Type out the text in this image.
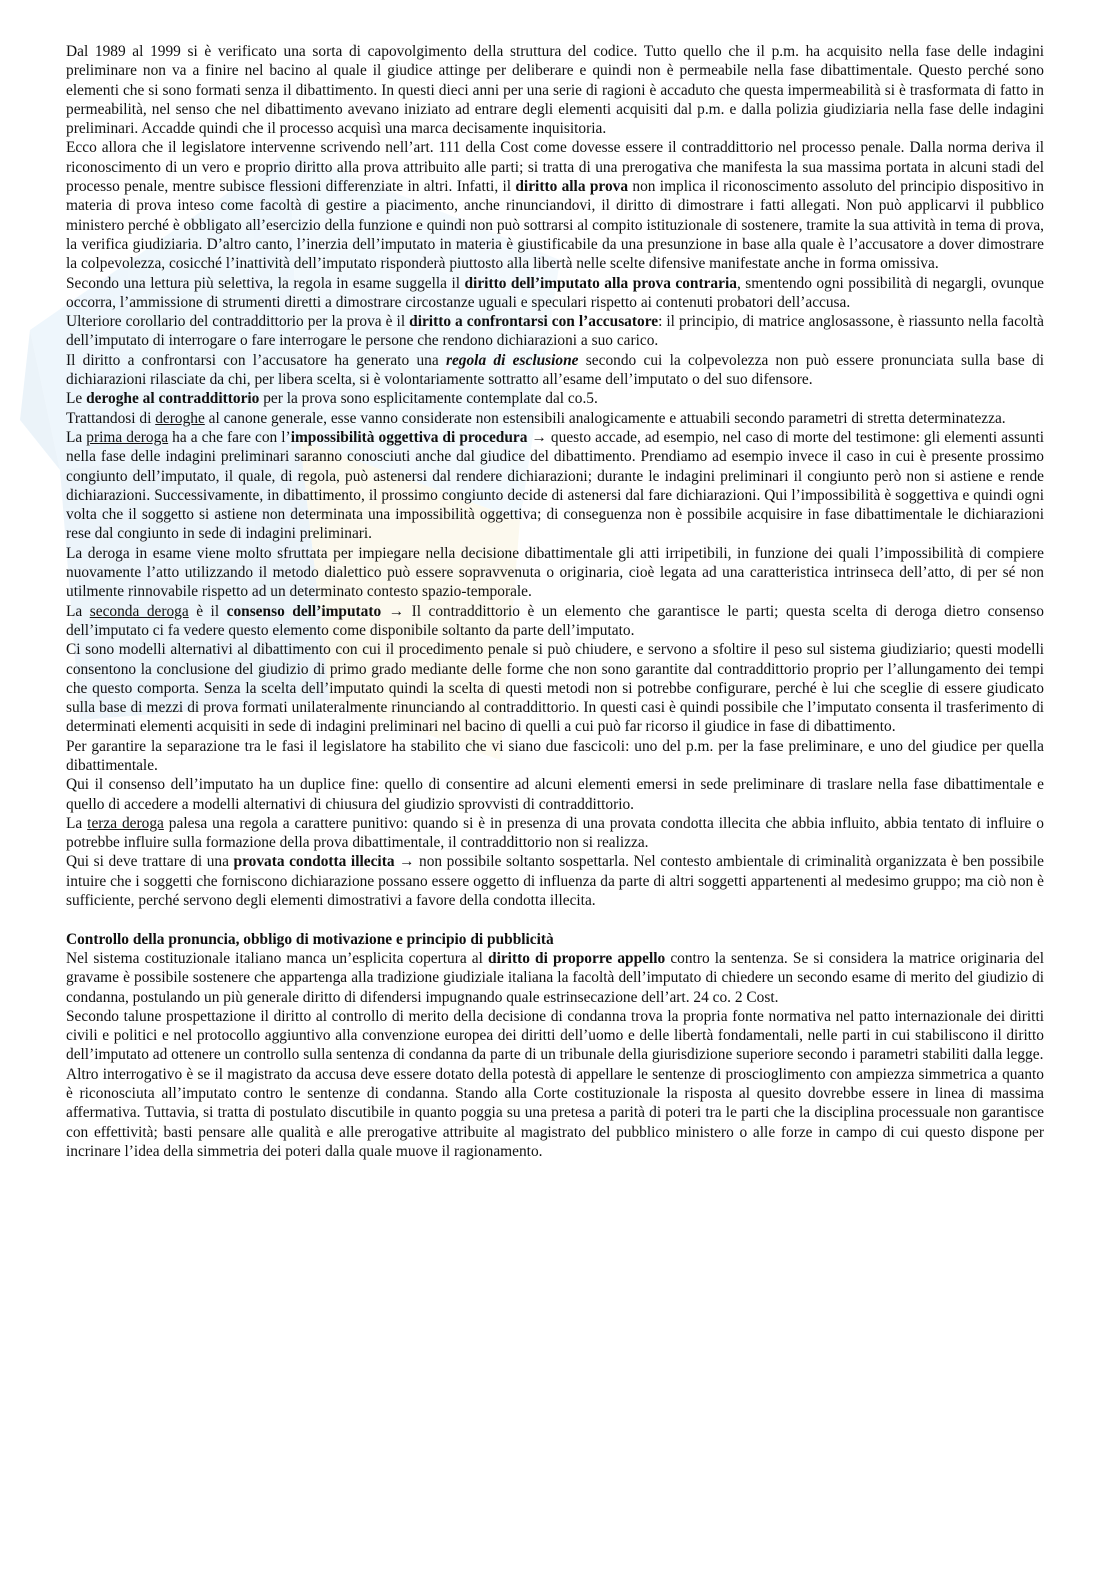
Dal 1989 al 1999 si è verificato una sorta di capovolgimento della struttura del codice. Tutto quello che il p.m. ha acquisito nella fase delle indagini preliminare non va a finire nel bacino al quale il giudice attinge per deliberare e quindi non è permeabile nella fase dibattimentale. Questo perché sono elementi che si sono formati senza il dibattimento. In questi dieci anni per una serie di ragioni è accaduto che questa impermeabilità si è trasformata di fatto in permeabilità, nel senso che nel dibattimento avevano iniziato ad entrare degli elementi acquisiti dal p.m. e dalla polizia giudiziaria nella fase delle indagini preliminari. Accadde quindi che il processo acquisì una marca decisamente inquisitoria.

Ecco allora che il legislatore intervenne scrivendo nell’art. 111 della Cost come dovesse essere il contraddittorio nel processo penale. Dalla norma deriva il riconoscimento di un vero e proprio diritto alla prova attribuito alle parti; si tratta di una prerogativa che manifesta la sua massima portata in alcuni stadi del processo penale, mentre subisce flessioni differenziate in altri. Infatti, il diritto alla prova non implica il riconoscimento assoluto del principio dispositivo in materia di prova inteso come facoltà di gestire a piacimento, anche rinunciandovi, il diritto di dimostrare i fatti allegati. Non può applicarvi il pubblico ministero perché è obbligato all’esercizio della funzione e quindi non può sottrarsi al compito istituzionale di sostenere, tramite la sua attività in tema di prova, la verifica giudiziaria. D’altro canto, l’inerzia dell’imputato in materia è giustificabile da una presunzione in base alla quale è l’accusatore a dover dimostrare la colpevolezza, cosicché l’inattività dell’imputato risponderà piuttosto alla libertà nelle scelte difensive manifestate anche in forma omissiva.

Secondo una lettura più selettiva, la regola in esame suggella il diritto dell’imputato alla prova contraria, smentendo ogni possibilità di negargli, ovunque occorra, l’ammissione di strumenti diretti a dimostrare circostanze uguali e speculari rispetto ai contenuti probatori dell’accusa.

Ulteriore corollario del contraddittorio per la prova è il diritto a confrontarsi con l’accusatore: il principio, di matrice anglosassone, è riassunto nella facoltà dell’imputato di interrogare o fare interrogare le persone che rendono dichiarazioni a suo carico.

Il diritto a confrontarsi con l’accusatore ha generato una regola di esclusione secondo cui la colpevolezza non può essere pronunciata sulla base di dichiarazioni rilasciate da chi, per libera scelta, si è volontariamente sottratto all’esame dell’imputato o del suo difensore.

Le deroghe al contraddittorio per la prova sono esplicitamente contemplate dal co.5.

Trattandosi di deroghe al canone generale, esse vanno considerate non estensibili analogicamente e attuabili secondo parametri di stretta determinatezza.

La prima deroga ha a che fare con l’impossibilità oggettiva di procedura → questo accade, ad esempio, nel caso di morte del testimone: gli elementi assunti nella fase delle indagini preliminari saranno conosciuti anche dal giudice del dibattimento. Prendiamo ad esempio invece il caso in cui è presente prossimo congiunto dell’imputato, il quale, di regola, può astenersi dal rendere dichiarazioni; durante le indagini preliminari il congiunto però non si astiene e rende dichiarazioni. Successivamente, in dibattimento, il prossimo congiunto decide di astenersi dal fare dichiarazioni. Qui l’impossibilità è soggettiva e quindi ogni volta che il soggetto si astiene non determinata una impossibilità oggettiva; di conseguenza non è possibile acquisire in fase dibattimentale le dichiarazioni rese dal congiunto in sede di indagini preliminari.

La deroga in esame viene molto sfruttata per impiegare nella decisione dibattimentale gli atti irripetibili, in funzione dei quali l’impossibilità di compiere nuovamente l’atto utilizzando il metodo dialettico può essere sopravvenuta o originaria, cioè legata ad una caratteristica intrinseca dell’atto, di per sé non utilmente rinnovabile rispetto ad un determinato contesto spazio-temporale.

La seconda deroga è il consenso dell’imputato → Il contraddittorio è un elemento che garantisce le parti; questa scelta di deroga dietro consenso dell’imputato ci fa vedere questo elemento come disponibile soltanto da parte dell’imputato.

Ci sono modelli alternativi al dibattimento con cui il procedimento penale si può chiudere, e servono a sfoltire il peso sul sistema giudiziario; questi modelli consentono la conclusione del giudizio di primo grado mediante delle forme che non sono garantite dal contraddittorio proprio per l’allungamento dei tempi che questo comporta. Senza la scelta dell’imputato quindi la scelta di questi metodi non si potrebbe configurare, perché è lui che sceglie di essere giudicato sulla base di mezzi di prova formati unilateralmente rinunciando al contraddittorio. In questi casi è quindi possibile che l’imputato consenta il trasferimento di determinati elementi acquisiti in sede di indagini preliminari nel bacino di quelli a cui può far ricorso il giudice in fase di dibattimento.

Per garantire la separazione tra le fasi il legislatore ha stabilito che vi siano due fascicoli: uno del p.m. per la fase preliminare, e uno del giudice per quella dibattimentale.

Qui il consenso dell’imputato ha un duplice fine: quello di consentire ad alcuni elementi emersi in sede preliminare di traslare nella fase dibattimentale e quello di accedere a modelli alternativi di chiusura del giudizio sprovvisti di contraddittorio.

La terza deroga palesa una regola a carattere punitivo: quando si è in presenza di una provata condotta illecita che abbia influito, abbia tentato di influire o potrebbe influire sulla formazione della prova dibattimentale, il contraddittorio non si realizza.

Qui si deve trattare di una provata condotta illecita → non possibile soltanto sospettarla. Nel contesto ambientale di criminalità organizzata è ben possibile intuire che i soggetti che forniscono dichiarazione possano essere oggetto di influenza da parte di altri soggetti appartenenti al medesimo gruppo; ma ciò non è sufficiente, perché servono degli elementi dimostrativi a favore della condotta illecita.

Controllo della pronuncia, obbligo di motivazione e principio di pubblicità

Nel sistema costituzionale italiano manca un’esplicita copertura al diritto di proporre appello contro la sentenza. Se si considera la matrice originaria del gravame è possibile sostenere che appartenga alla tradizione giudiziale italiana la facoltà dell’imputato di chiedere un secondo esame di merito del giudizio di condanna, postulando un più generale diritto di difendersi impugnando quale estrinsecazione dell’art. 24 co. 2 Cost.

Secondo talune prospettazione il diritto al controllo di merito della decisione di condanna trova la propria fonte normativa nel patto internazionale dei diritti civili e politici e nel protocollo aggiuntivo alla convenzione europea dei diritti dell’uomo e delle libertà fondamentali, nelle parti in cui stabiliscono il diritto dell’imputato ad ottenere un controllo sulla sentenza di condanna da parte di un tribunale della giurisdizione superiore secondo i parametri stabiliti dalla legge.

Altro interrogativo è se il magistrato da accusa deve essere dotato della potestà di appellare le sentenze di proscioglimento con ampiezza simmetrica a quanto è riconosciuta all’imputato contro le sentenze di condanna. Stando alla Corte costituzionale la risposta al quesito dovrebbe essere in linea di massima affermativa. Tuttavia, si tratta di postulato discutibile in quanto poggia su una pretesa a parità di poteri tra le parti che la disciplina processuale non garantisce con effettività; basti pensare alle qualità e alle prerogative attribuite al magistrato del pubblico ministero o alle forze in campo di cui questo dispone per incrinare l’idea della simmetria dei poteri dalla quale muove il ragionamento.
